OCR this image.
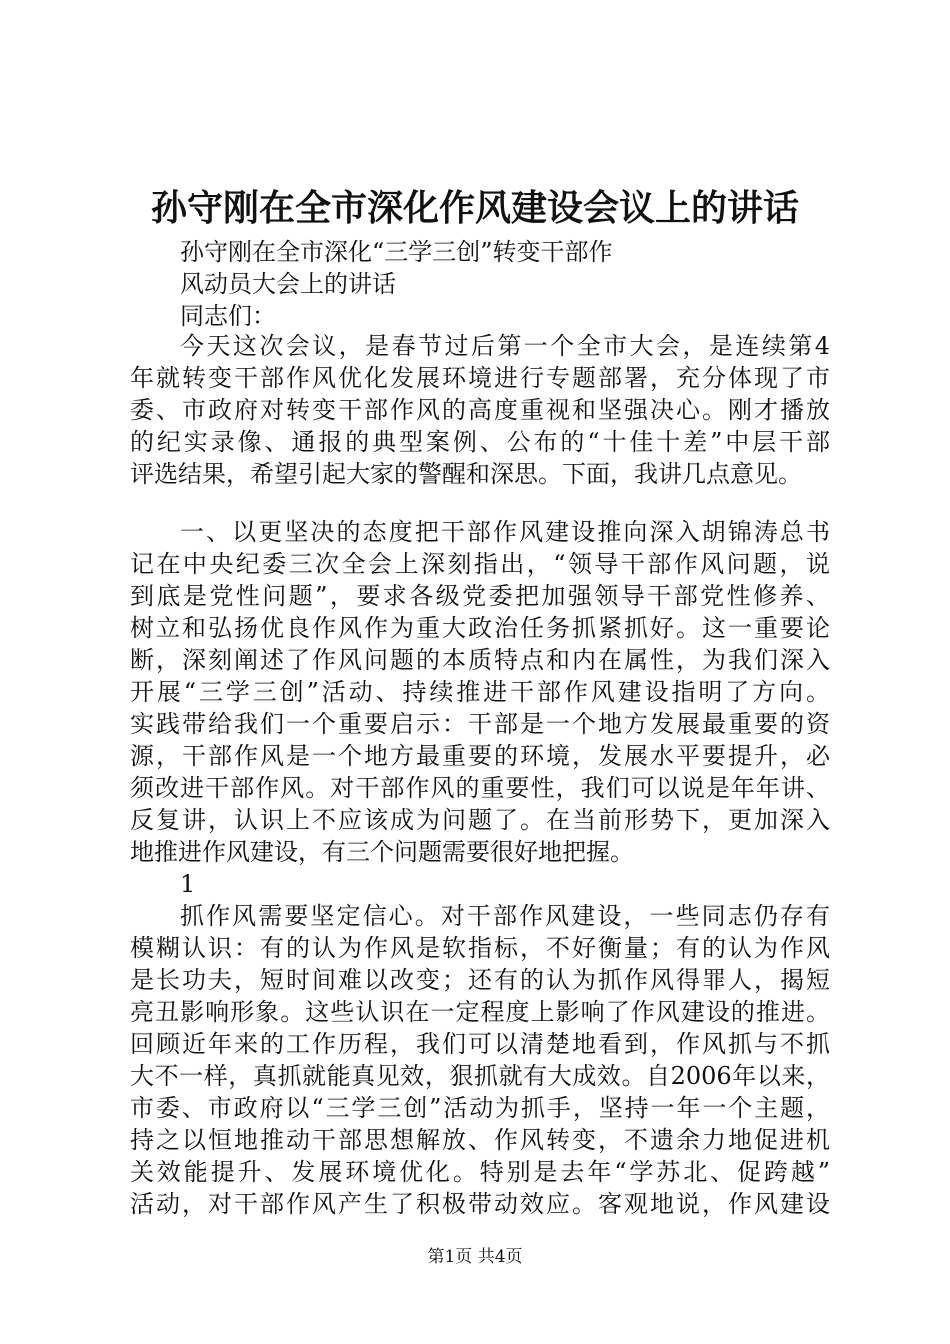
孙守刚在全市深化作风建设会议上的讲话
孙守刚在全市深化“三学三创”转变干部作
风动员大会上的讲话
同志们：
今天这次会议，是春节过后第一个全市大会，是连续第4
年就转变干部作风优化发展环境进行专题部署，充分体现了市
委、市政府对转变干部作风的高度重视和坚强决心。刚才播放
的纪实录像、通报的典型案例、公布的“十佳十差”中层干部
评选结果，希望引起大家的警醒和深思。下面，我讲几点意见。
一、以更坚决的态度把干部作风建设推向深入胡锦涛总书
记在中央纪委三次全会上深刻指出，“领导干部作风问题，说
到底是党性问题”，要求各级党委把加强领导干部党性修养、
树立和弘扬优良作风作为重大政治任务抓紧抓好。这一重要论
断，深刻阐述了作风问题的本质特点和内在属性，为我们深入
开展“三学三创”活动、持续推进干部作风建设指明了方向。
实践带给我们一个重要启示：干部是一个地方发展最重要的资
源，干部作风是一个地方最重要的环境，发展水平要提升，必
须改进干部作风。对干部作风的重要性，我们可以说是年年讲、
反复讲，认识上不应该成为问题了。在当前形势下，更加深入
地推进作风建设，有三个问题需要很好地把握。
1
抓作风需要坚定信心。对干部作风建设，一些同志仍存有
模糊认识：有的认为作风是软指标，不好衡量；有的认为作风
是长功夫，短时间难以改变；还有的认为抓作风得罪人，揭短
亮丑影响形象。这些认识在一定程度上影响了作风建设的推进。
回顾近年来的工作历程，我们可以清楚地看到，作风抓与不抓
大不一样，真抓就能真见效，狠抓就有大成效。自2006年以来，
市委、市政府以“三学三创”活动为抓手，坚持一年一个主题，
持之以恒地推动干部思想解放、作风转变，不遗余力地促进机
关效能提升、发展环境优化。特别是去年“学苏北、促跨越”
活动，对干部作风产生了积极带动效应。客观地说，作风建设
第1页 共4页
